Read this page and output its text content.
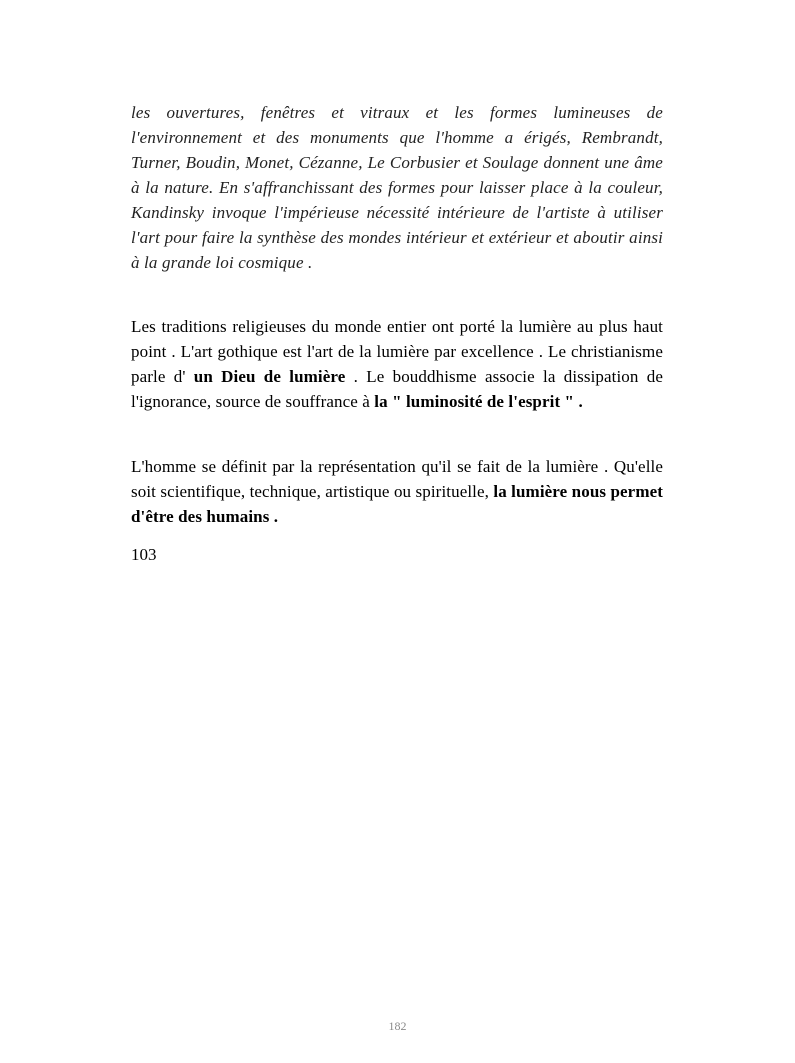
les ouvertures, fenêtres et vitraux et les formes lumineuses de l'environnement et des monuments que l'homme a érigés, Rembrandt, Turner, Boudin, Monet, Cézanne, Le Corbusier et Soulage donnent une âme à la nature. En s'affranchissant des formes pour laisser place à la couleur, Kandinsky invoque l'impérieuse nécessité intérieure de l'artiste à utiliser l'art pour faire la synthèse des mondes intérieur et extérieur et aboutir ainsi à la grande loi cosmique .

Les traditions religieuses du monde entier ont porté la lumière au plus haut point . L'art gothique est l'art de la lumière par excellence . Le christianisme parle d' un Dieu de lumière . Le bouddhisme associe la dissipation de l'ignorance, source de souffrance à la " luminosité de l'esprit " .

L'homme se définit par la représentation qu'il se fait de la lumière . Qu'elle soit scientifique, technique, artistique ou spirituelle, la lumière nous permet d'être des humains .

103

182
